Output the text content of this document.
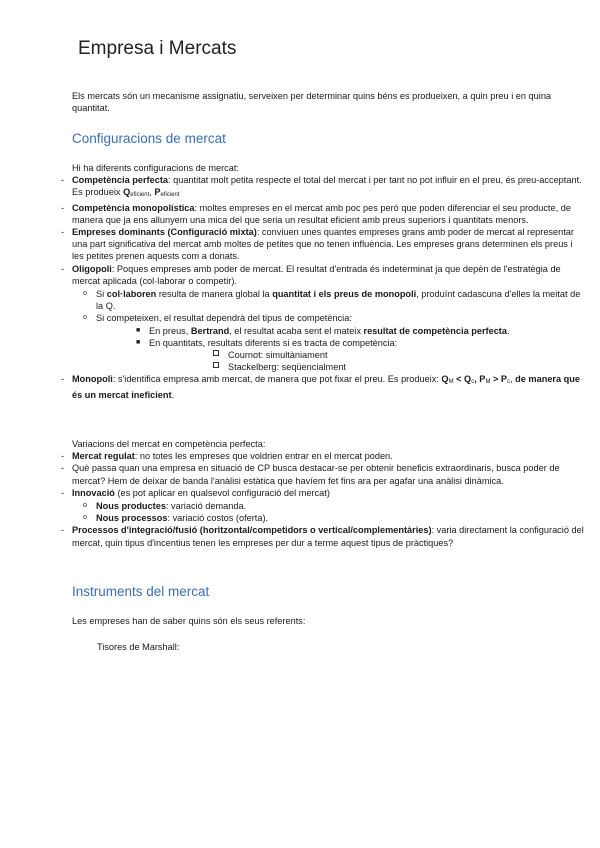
Empresa i Mercats

Els mercats són un mecanisme assignatiu, serveixen per determinar quins béns es produeixen, a quin preu i en quina quantitat.

Configuracions de mercat
Hi ha diferents configuracions de mercat:
- Competència perfecta: quantitat molt petita respecte el total del mercat i per tant no pot influir en el preu, és preu-acceptant. Es produeix Qeficient, Peficient
- Competència monopolística: moltes empreses en el mercat amb poc pes però que poden diferenciar el seu producte, de manera que ja ens allunyem una mica del que seria un resultat eficient amb preus superiors i quantitats menors.
- Empreses dominants (Configuració mixta): conviuen unes quantes empreses grans amb poder de mercat al representar una part significativa del mercat amb moltes de petites que no tenen influència. Les empreses grans determinen els preus i les petites prenen aquests com a donats.
- Oligopoli: Poques empreses amb poder de mercat. El resultat d'entrada és indeterminat ja que depèn de l'estratègia de mercat aplicada (col·laborar o competir).
o Si col·laboren resulta de manera global la quantitat i els preus de monopoli, produïnt cadascuna d'elles la meitat de la Q.
o Si competeixen, el resultat dependrà del tipus de competència:
■ En preus, Bertrand, el resultat acaba sent el mateix resultat de competència perfecta.
■ En quantitats, resultats diferents si es tracta de competència:
Cournot: simultàniament
Stackelberg: seqüencialment
- Monopoli: s'identifica empresa amb mercat, de manera que pot fixar el preu. Es produeix: QM < Qc, PM > Pc, de manera que és un mercat ineficient.
Variacions del mercat en competència perfecta:
- Mercat regulat: no totes les empreses que voldrien entrar en el mercat poden.
- Què passa quan una empresa en situació de CP busca destacar-se per obtenir beneficis extraordinaris, busca poder de mercat? Hem de deixar de banda l'anàlisi estàtica que havíem fet fins ara per agafar una anàlisi dinàmica.
- Innovació (es pot aplicar en qualsevol configuració del mercat)
o Nous productes: variació demanda.
o Nous processos: variació costos (oferta).
- Processos d'integració/fusió (horitzontal/competidors o vertical/complementàries): varia directament la configuració del mercat, quin tipus d'incentius tenen les empreses per dur a terme aquest tipus de pràctiques?
Instruments del mercat
Les empreses han de saber quins són els seus referents:
Tisores de Marshall:
